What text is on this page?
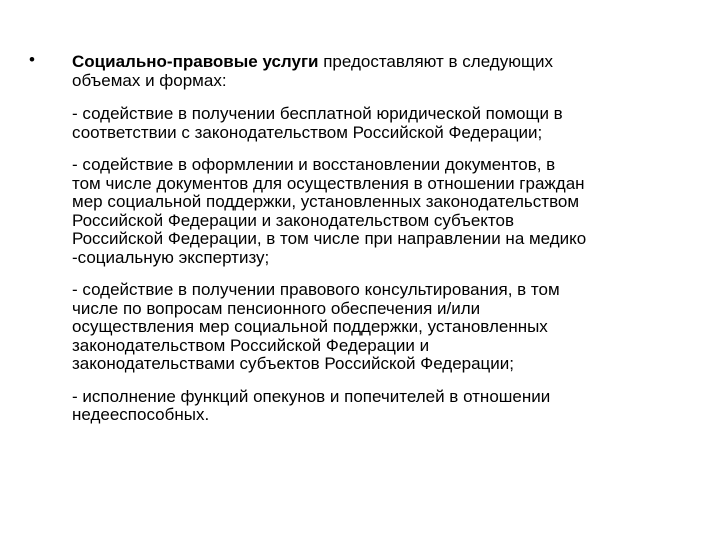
• Социально-правовые услуги предоставляют в следующих
объемах и формах:

- содействие в получении бесплатной юридической помощи в
соответствии с законодательством Российской Федерации;

- содействие в оформлении и восстановлении документов, в
том числе документов для осуществления в отношении граждан
мер социальной поддержки, установленных законодательством
Российской Федерации и законодательством субъектов
Российской Федерации, в том числе при направлении на медико
-социальную экспертизу;

- содействие в получении правового консультирования, в том
числе по вопросам пенсионного обеспечения и/или
осуществления мер социальной поддержки, установленных
законодательством Российской Федерации и
законодательствами субъектов Российской Федерации;

- исполнение функций опекунов и попечителей в отношении
недееспособных.
